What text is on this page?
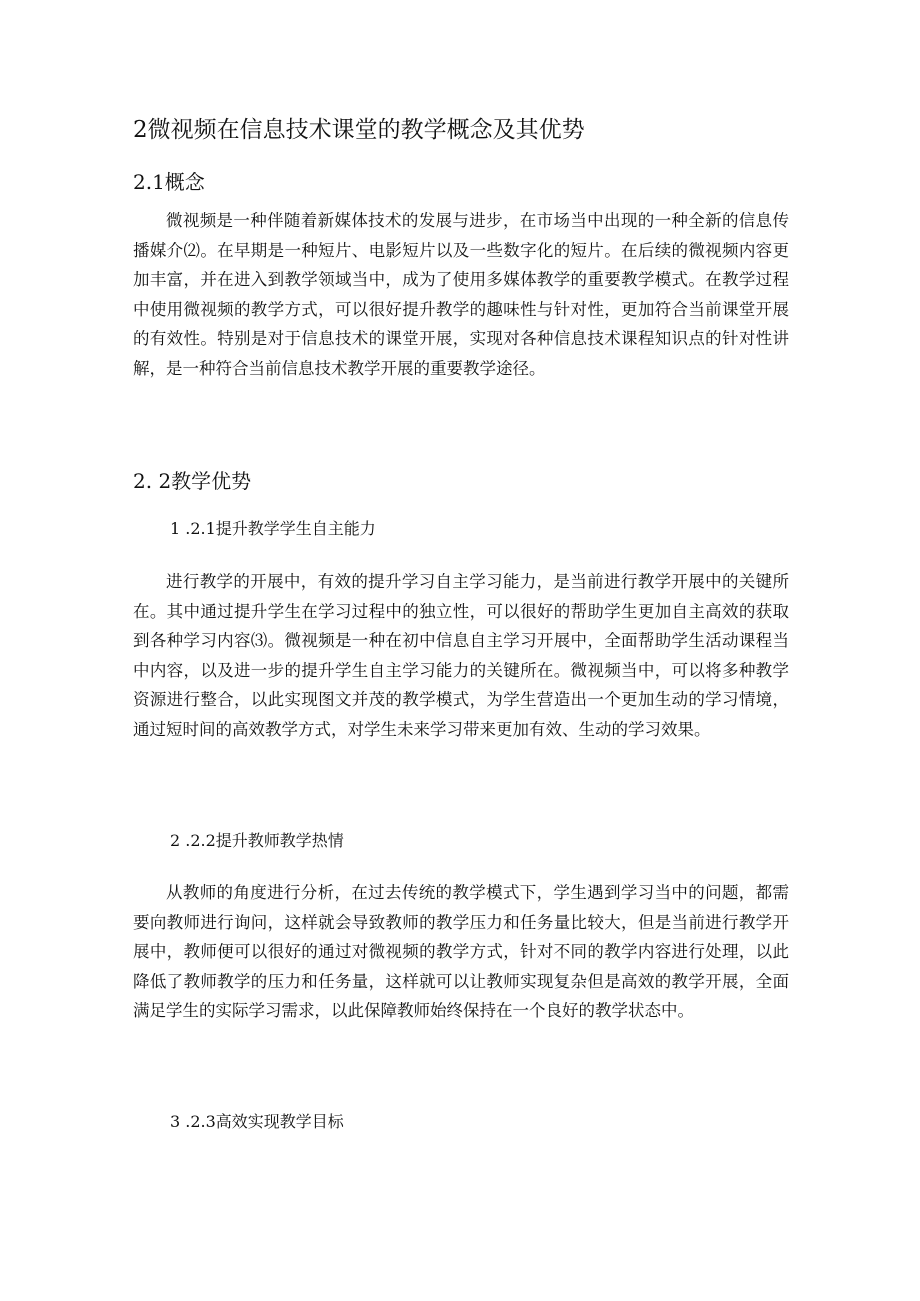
2微视频在信息技术课堂的教学概念及其优势
2.1概念

微视频是一种伴随着新媒体技术的发展与进步，在市场当中出现的一种全新的信息传播媒介⑵。在早期是一种短片、电影短片以及一些数字化的短片。在后续的微视频内容更加丰富，并在进入到教学领域当中，成为了使用多媒体教学的重要教学模式。在教学过程中使用微视频的教学方式，可以很好提升教学的趣味性与针对性，更加符合当前课堂开展的有效性。特别是对于信息技术的课堂开展，实现对各种信息技术课程知识点的针对性讲解，是一种符合当前信息技术教学开展的重要教学途径。

2. 2教学优势
1 .2.1提升教学学生自主能力

进行教学的开展中，有效的提升学习自主学习能力，是当前进行教学开展中的关键所在。其中通过提升学生在学习过程中的独立性，可以很好的帮助学生更加自主高效的获取到各种学习内容⑶。微视频是一种在初中信息自主学习开展中，全面帮助学生活动课程当中内容，以及进一步的提升学生自主学习能力的关键所在。微视频当中，可以将多种教学资源进行整合，以此实现图文并茂的教学模式，为学生营造出一个更加生动的学习情境，通过短时间的高效教学方式，对学生未来学习带来更加有效、生动的学习效果。

2 .2.2提升教师教学热情

从教师的角度进行分析，在过去传统的教学模式下，学生遇到学习当中的问题，都需要向教师进行询问，这样就会导致教师的教学压力和任务量比较大，但是当前进行教学开展中，教师便可以很好的通过对微视频的教学方式，针对不同的教学内容进行处理，以此降低了教师教学的压力和任务量，这样就可以让教师实现复杂但是高效的教学开展，全面满足学生的实际学习需求，以此保障教师始终保持在一个良好的教学状态中。

3 .2.3高效实现教学目标
